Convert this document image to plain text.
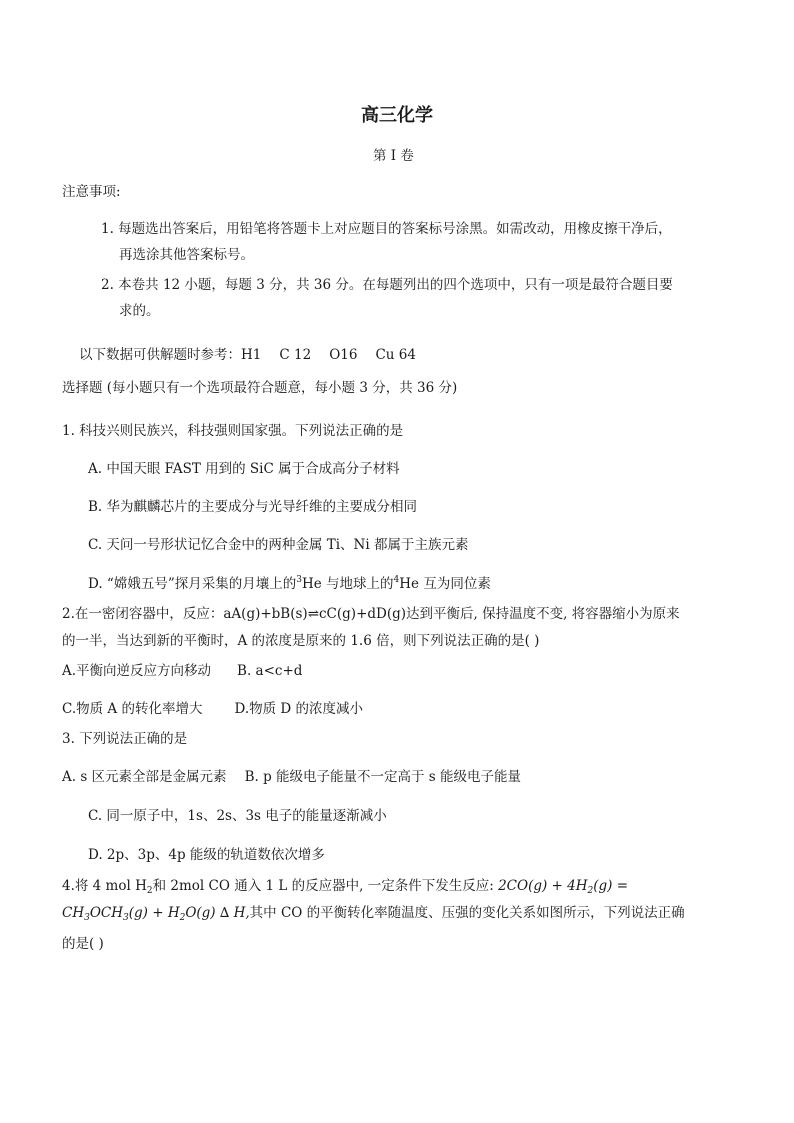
高三化学
第 I 卷
注意事项:
1. 每题选出答案后，用铅笔将答题卡上对应题目的答案标号涂黑。如需改动，用橡皮擦干净后，
再选涂其他答案标号。
2. 本卷共 12 小题，每题 3 分，共 36 分。在每题列出的四个选项中，只有一项是最符合题目要
求的。
以下数据可供解题时参考：H1 C 12 O16 Cu 64
选择题 (每小题只有一个选项最符合题意，每小题 3 分，共 36 分)
1. 科技兴则民族兴，科技强则国家强。下列说法正确的是
A. 中国天眼 FAST 用到的 SiC 属于合成高分子材料
B. 华为麒麟芯片的主要成分与光导纤维的主要成分相同
C. 天问一号形状记忆合金中的两种金属 Ti、Ni 都属于主族元素
D. “嫦娥五号”探月采集的月壤上的$^3$He 与地球上的$^4$He 互为同位素
2.在一密闭容器中，反应：aA(g)+bB(s)⇌cC(g)+dD(g)达到平衡后, 保持温度不变, 将容器缩小为原来
的一半，当达到新的平衡时，A 的浓度是原来的 1.6 倍，则下列说法正确的是( )
A.平衡向逆反应方向移动 B. a<c+d
C.物质 A 的转化率增大 D.物质 D 的浓度减小
3. 下列说法正确的是
A. s 区元素全部是金属元素 B. p 能级电子能量不一定高于 s 能级电子能量
C. 同一原子中，1s、2s、3s 电子的能量逐渐减小
D. 2p、3p、4p 能级的轨道数依次增多
4.将 4 mol $H_2$和 2mol CO 通入 1 L 的反应器中, 一定条件下发生反应: $2CO(g) + 4H_2(g)$ =
$CH_3OCH_3(g) + H_2O(g)$ ∆ H,其中 CO 的平衡转化率随温度、压强的变化关系如图所示，下列说法正确
的是( )
